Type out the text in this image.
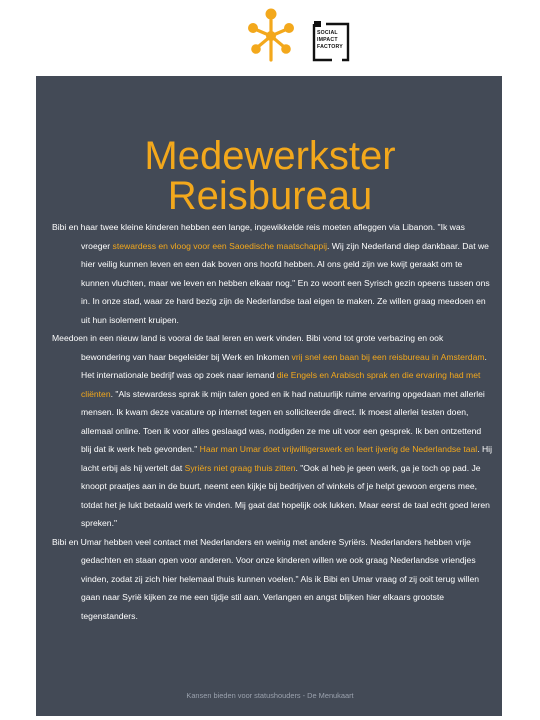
SOCIAL
IMPACT
FACTORY
Medewerkster
Reisbureau

Bibi en haar twee kleine kinderen hebben een lange, ingewikkelde reis moeten afleggen via Libanon. "Ik was vroeger stewardess en vloog voor een Saoedische maatschappij. Wij zijn Nederland diep dankbaar. Dat we hier veilig kunnen leven en een dak boven ons hoofd hebben. Al ons geld zijn we kwijt geraakt om te kunnen vluchten, maar we leven en hebben elkaar nog." En zo woont een Syrisch gezin opeens tussen ons in. In onze stad, waar ze hard bezig zijn de Nederlandse taal eigen te maken. Ze willen graag meedoen en uit hun isolement kruipen.

Meedoen in een nieuw land is vooral de taal leren en werk vinden. Bibi vond tot grote verbazing en ook bewondering van haar begeleider bij Werk en Inkomen vrij snel een baan bij een reisbureau in Amsterdam. Het internationale bedrijf was op zoek naar iemand die Engels en Arabisch sprak en die ervaring had met cliënten. "Als stewardess sprak ik mijn talen goed en ik had natuurlijk ruime ervaring opgedaan met allerlei mensen. Ik kwam deze vacature op internet tegen en solliciteerde direct. Ik moest allerlei testen doen, allemaal online. Toen ik voor alles geslaagd was, nodigden ze me uit voor een gesprek. Ik ben ontzettend blij dat ik werk heb gevonden." Haar man Umar doet vrijwilligerswerk en leert ijverig de Nederlandse taal. Hij lacht erbij als hij vertelt dat Syriërs niet graag thuis zitten. "Ook al heb je geen werk, ga je toch op pad. Je knoopt praatjes aan in de buurt, neemt een kijkje bij bedrijven of winkels of je helpt gewoon ergens mee, totdat het je lukt betaald werk te vinden. Mij gaat dat hopelijk ook lukken. Maar eerst de taal echt goed leren spreken."

Bibi en Umar hebben veel contact met Nederlanders en weinig met andere Syriërs. Nederlanders hebben vrije gedachten en staan open voor anderen. Voor onze kinderen willen we ook graag Nederlandse vriendjes vinden, zodat zij zich hier helemaal thuis kunnen voelen." Als ik Bibi en Umar vraag of zij ooit terug willen gaan naar Syrië kijken ze me een tijdje stil aan. Verlangen en angst blijken hier elkaars grootste tegenstanders.

Kansen bieden voor statushouders - De Menukaart
